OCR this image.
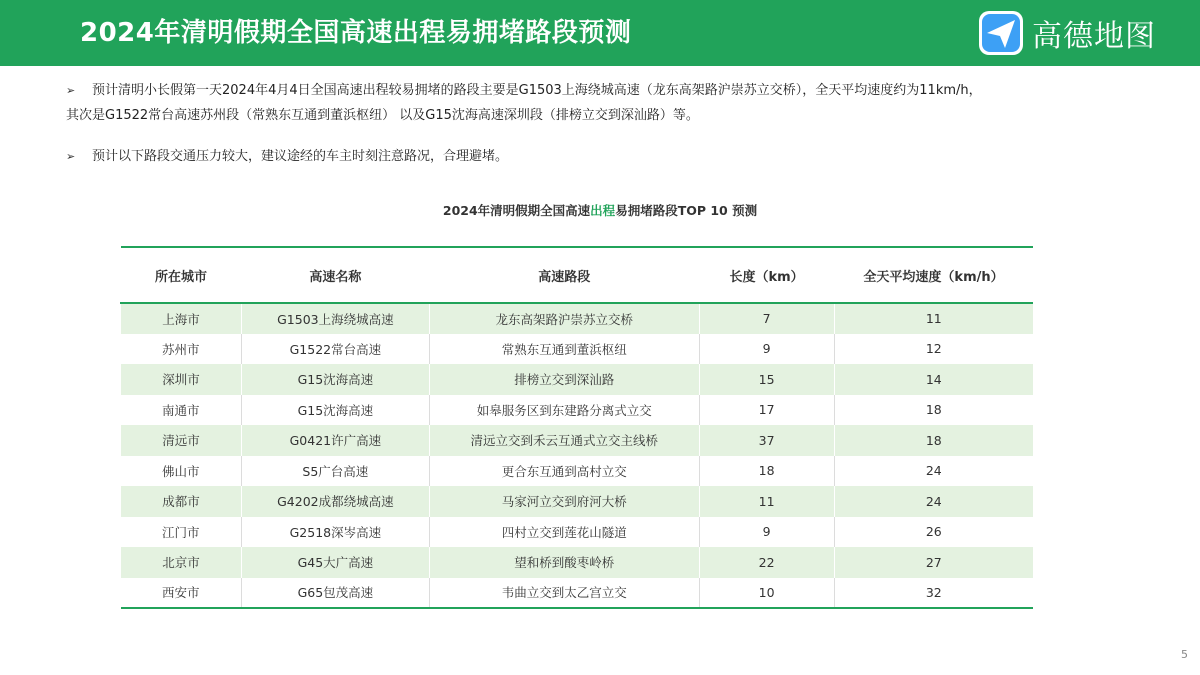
2024年清明假期全国高速出程易拥堵路段预测	高德地图
➢ 预计清明小长假第一天2024年4月4日全国高速出程较易拥堵的路段主要是G1503上海绕城高速（龙东高架路沪崇苏立交桥），全天平均速度约为11km/h，
其次是G1522常台高速苏州段（常熟东互通到董浜枢纽） 以及G15沈海高速深圳段（排榜立交到深汕路）等。
➢ 预计以下路段交通压力较大，建议途经的车主时刻注意路况，合理避堵。
2024年清明假期全国高速出程易拥堵路段TOP 10 预测
所在城市	高速名称	高速路段	长度（km）	全天平均速度（km/h）
上海市	G1503上海绕城高速	龙东高架路沪崇苏立交桥	7	11
苏州市	G1522常台高速	常熟东互通到董浜枢纽	9	12
深圳市	G15沈海高速	排榜立交到深汕路	15	14
南通市	G15沈海高速	如皋服务区到东建路分离式立交	17	18
清远市	G0421许广高速	清远立交到禾云互通式立交主线桥	37	18
佛山市	S5广台高速	更合东互通到高村立交	18	24
成都市	G4202成都绕城高速	马家河立交到府河大桥	11	24
江门市	G2518深岑高速	四村立交到莲花山隧道	9	26
北京市	G45大广高速	望和桥到酸枣岭桥	22	27
西安市	G65包茂高速	韦曲立交到太乙宫立交	10	32
5
